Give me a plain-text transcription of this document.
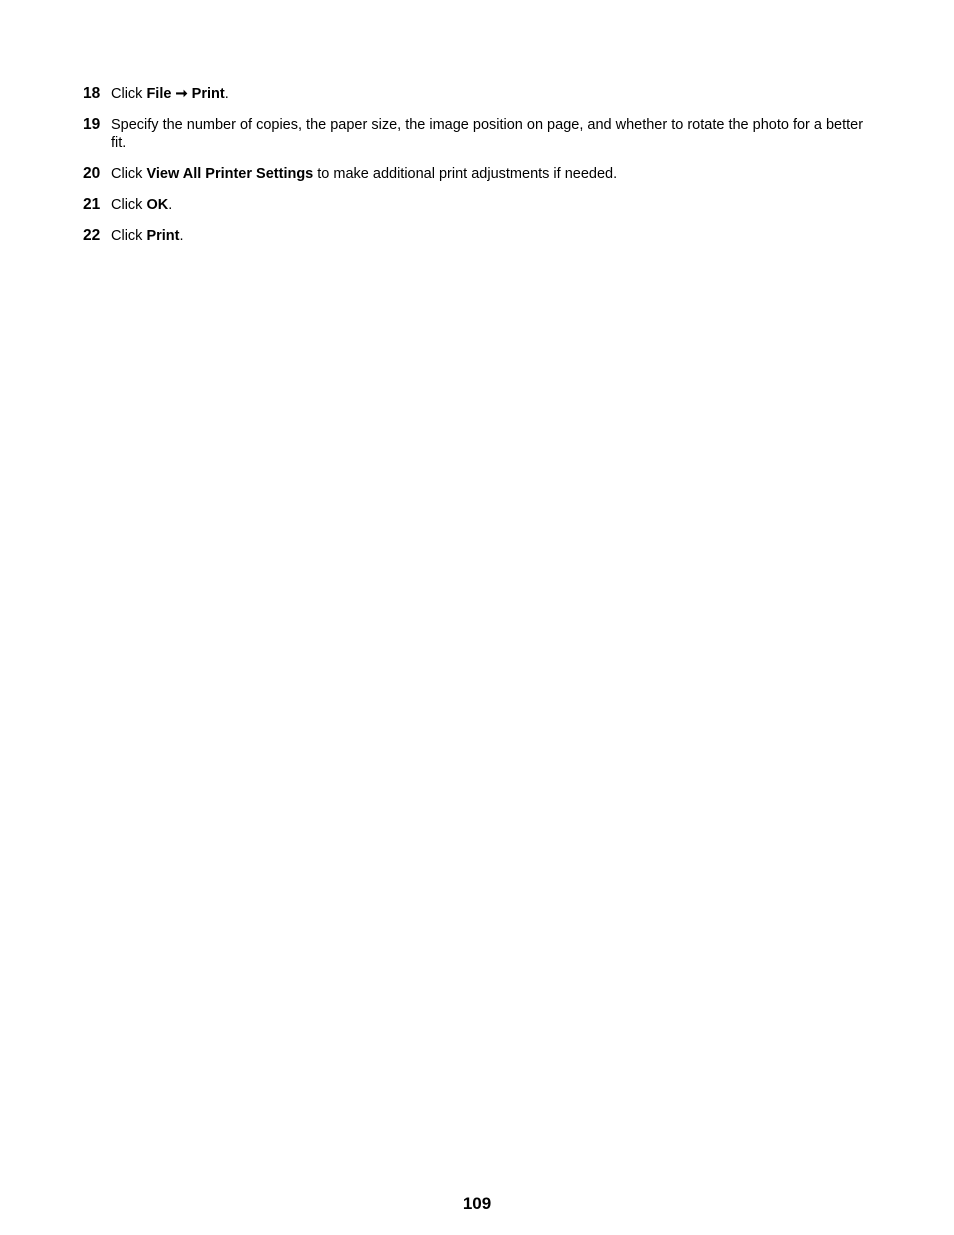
18 Click File ➞ Print.
19 Specify the number of copies, the paper size, the image position on page, and whether to rotate the photo for a better fit.
20 Click View All Printer Settings to make additional print adjustments if needed.
21 Click OK.
22 Click Print.
109
